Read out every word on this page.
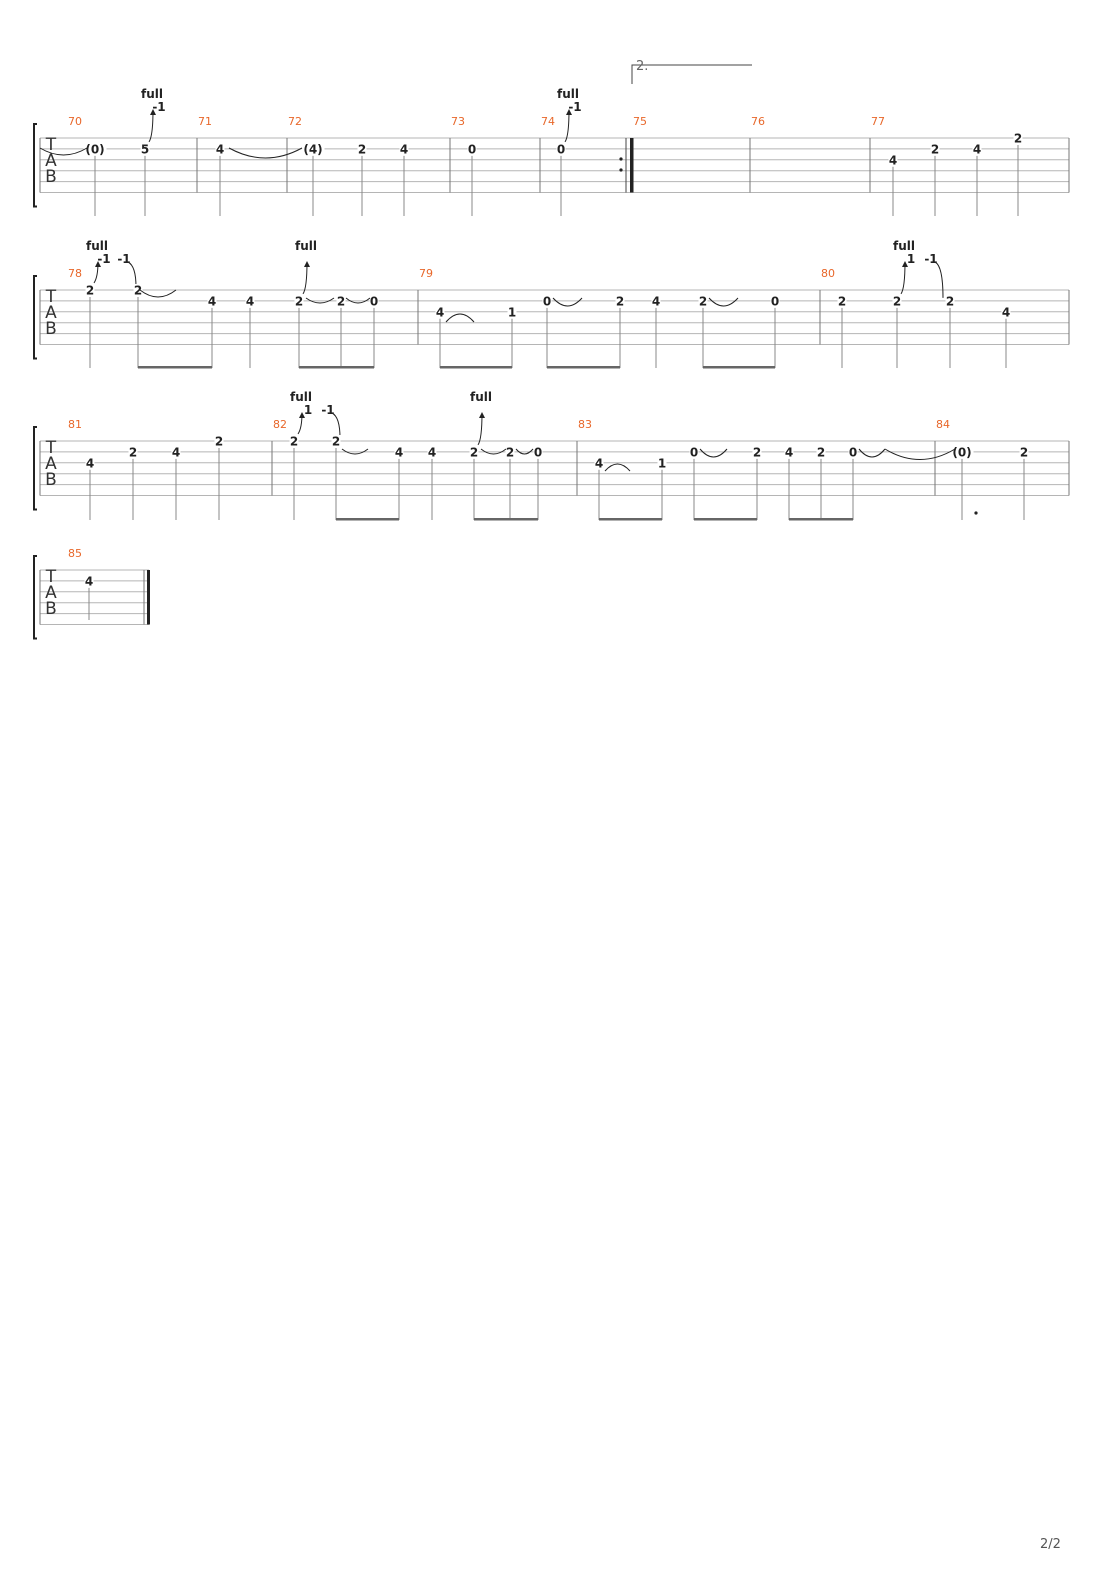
T
A
B
70
(0)	5
full
-1
71
4
72
(4)	2	4
73
0
74
0
full
-1
75	76	77
4
2	4
2
T
A
B
78
2
full
-1 -1
2
4 4	2
full
2 0
79
4	1
0	2 4	2	0
80
2	2
full
1 -1
2
4
T
A
B
81
4
2	4
2
82
2
full
1 -1
2
4 4	2
full
2 0
83
4	1
0	2 4 2 0
84
(0)	2
T
A
B
85
4
2.
2/2
